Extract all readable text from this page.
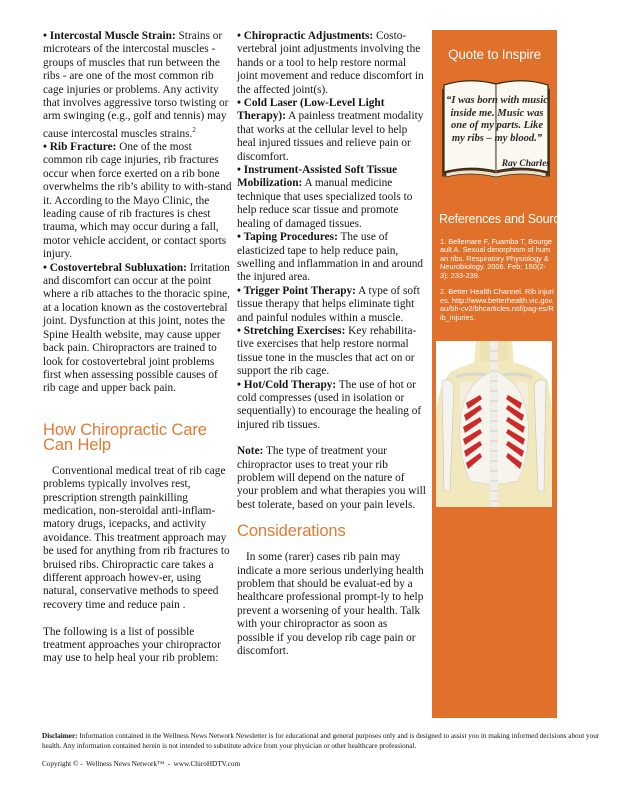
• Intercostal Muscle Strain: Strains or microtears of the intercostal muscles - groups of muscles that run between the ribs - are one of the most common rib cage injuries or problems. Any activity that involves aggressive torso twisting or arm swinging (e.g., golf and tennis) may cause intercostal muscles strains.$^2$

• Rib Fracture: One of the most common rib cage injuries, rib fractures occur when force exerted on a rib bone overwhelms the rib’s ability to with-stand it. According to the Mayo Clinic, the leading cause of rib fractures is chest trauma, which may occur during a fall, motor vehicle accident, or contact sports injury.

• Costovertebral Subluxation: Irritation and discomfort can occur at the point where a rib attaches to the thoracic spine, at a location known as the costovertebral joint. Dysfunction at this joint, notes the Spine Health website, may cause upper back pain. Chiropractors are trained to look for costovertebral joint problems first when assessing possible causes of rib cage and upper back pain.

How Chiropractic Care
Can Help

Conventional medical treat of rib cage problems typically involves rest, prescription strength painkilling medication, non-steroidal anti-inflam-matory drugs, icepacks, and activity avoidance. This treatment approach may be used for anything from rib fractures to bruised ribs. Chiropractic care takes a different approach howev-er, using natural, conservative methods to speed recovery time and reduce pain .

The following is a list of possible treatment approaches your chiropractor may use to help heal your rib problem:

• Chiropractic Adjustments: Costo-vertebral joint adjustments involving the hands or a tool to help restore normal joint movement and reduce discomfort in the affected joint(s).

• Cold Laser (Low-Level Light Therapy): A painless treatment modality that works at the cellular level to help heal injured tissues and relieve pain or discomfort.

• Instrument-Assisted Soft Tissue Mobilization: A manual medicine technique that uses specialized tools to help reduce scar tissue and promote healing of damaged tissues.

• Taping Procedures: The use of elasticized tape to help reduce pain, swelling and inflammation in and around the injured area.

• Trigger Point Therapy: A type of soft tissue therapy that helps eliminate tight and painful nodules within a muscle.

• Stretching Exercises: Key rehabilita-tive exercises that help restore normal tissue tone in the muscles that act on or support the rib cage.

• Hot/Cold Therapy: The use of hot or cold compresses (used in isolation or sequentially) to encourage the healing of injured rib tissues.

Note: The type of treatment your chiropractor uses to treat your rib problem will depend on the nature of your problem and what therapies you will best tolerate, based on your pain levels.

Considerations

In some (rarer) cases rib pain may indicate a more serious underlying health problem that should be evaluat-ed by a healthcare professional prompt-ly to help prevent a worsening of your health. Talk with your chiropractor as soon as possible if you develop rib cage pain or discomfort.

Quote to Inspire
“I was born with music inside me. Music was one of my parts. Like my ribs – my blood.”
Ray Charles
References and Sources:

1. Bellemare F, Fuamba T, Bourgeault A. Sexual dimorphism of human ribs. Respiratory Physiology & Neurobiology. 2006. Feb; 150(2-3): 233-239.

2. Better Health Channel. Rib injuries. http://www.betterhealth.vic.gov.au/bh-cv2/bhcarticles.nsf/pag-es/Rib_injuries.

Disclaimer: Information contained in the Wellness News Network Newsletter is for educational and general purposes only and is designed to assist you in making informed decisions about your health. Any information contained herein is not intended to substitute advice from your physician or other healthcare professional.
Copyright © -  Wellness News Network™  -  www.ChiroHDTV.com
